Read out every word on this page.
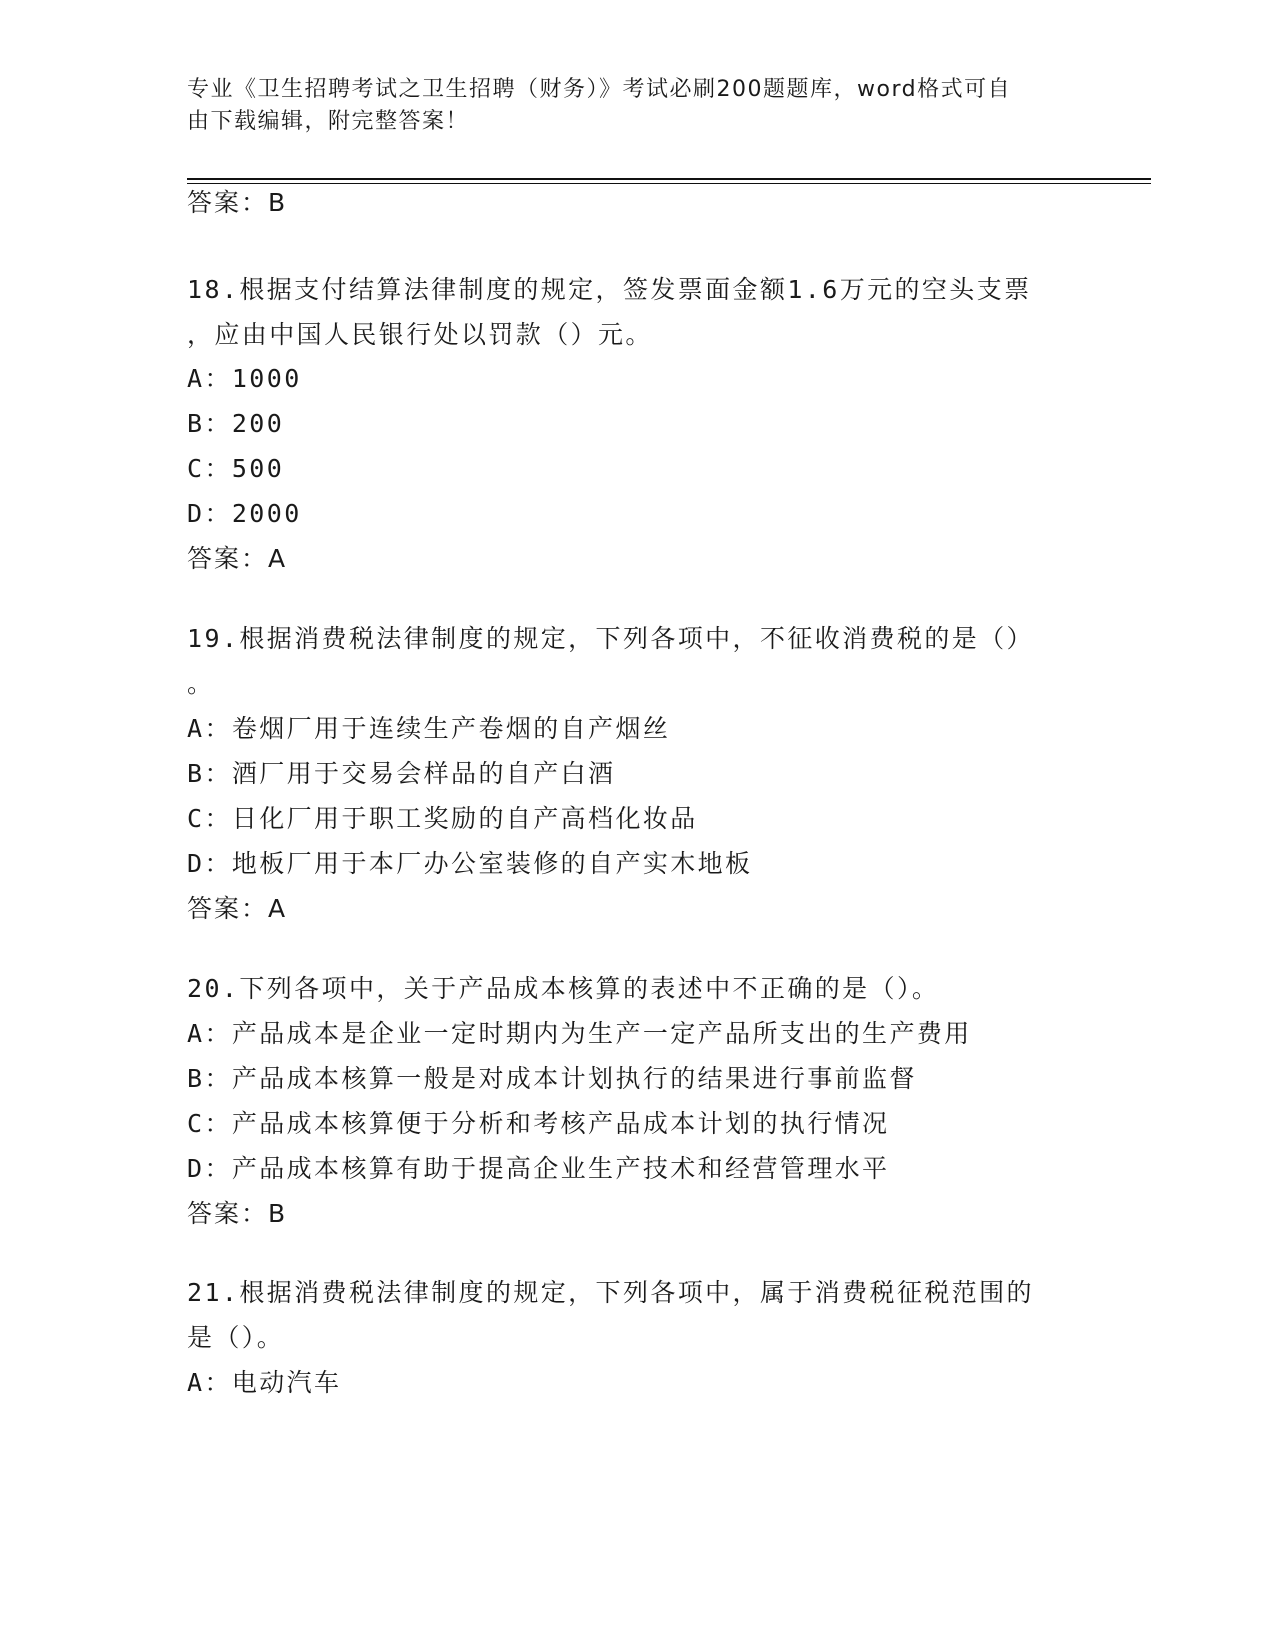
专业《卫生招聘考试之卫生招聘（财务）》考试必刷200题题库，word格式可自
由下载编辑，附完整答案！

答案：B

18.根据支付结算法律制度的规定，签发票面金额1.6万元的空头支票

，应由中国人民银行处以罚款（）元。

A：1000

B：200

C：500

D：2000

答案：A

19.根据消费税法律制度的规定，下列各项中，不征收消费税的是（）

。

A：卷烟厂用于连续生产卷烟的自产烟丝

B：酒厂用于交易会样品的自产白酒

C：日化厂用于职工奖励的自产高档化妆品

D：地板厂用于本厂办公室装修的自产实木地板

答案：A

20.下列各项中，关于产品成本核算的表述中不正确的是（）。

A：产品成本是企业一定时期内为生产一定产品所支出的生产费用

B：产品成本核算一般是对成本计划执行的结果进行事前监督

C：产品成本核算便于分析和考核产品成本计划的执行情况

D：产品成本核算有助于提高企业生产技术和经营管理水平

答案：B

21.根据消费税法律制度的规定，下列各项中，属于消费税征税范围的

是（）。

A：电动汽车
